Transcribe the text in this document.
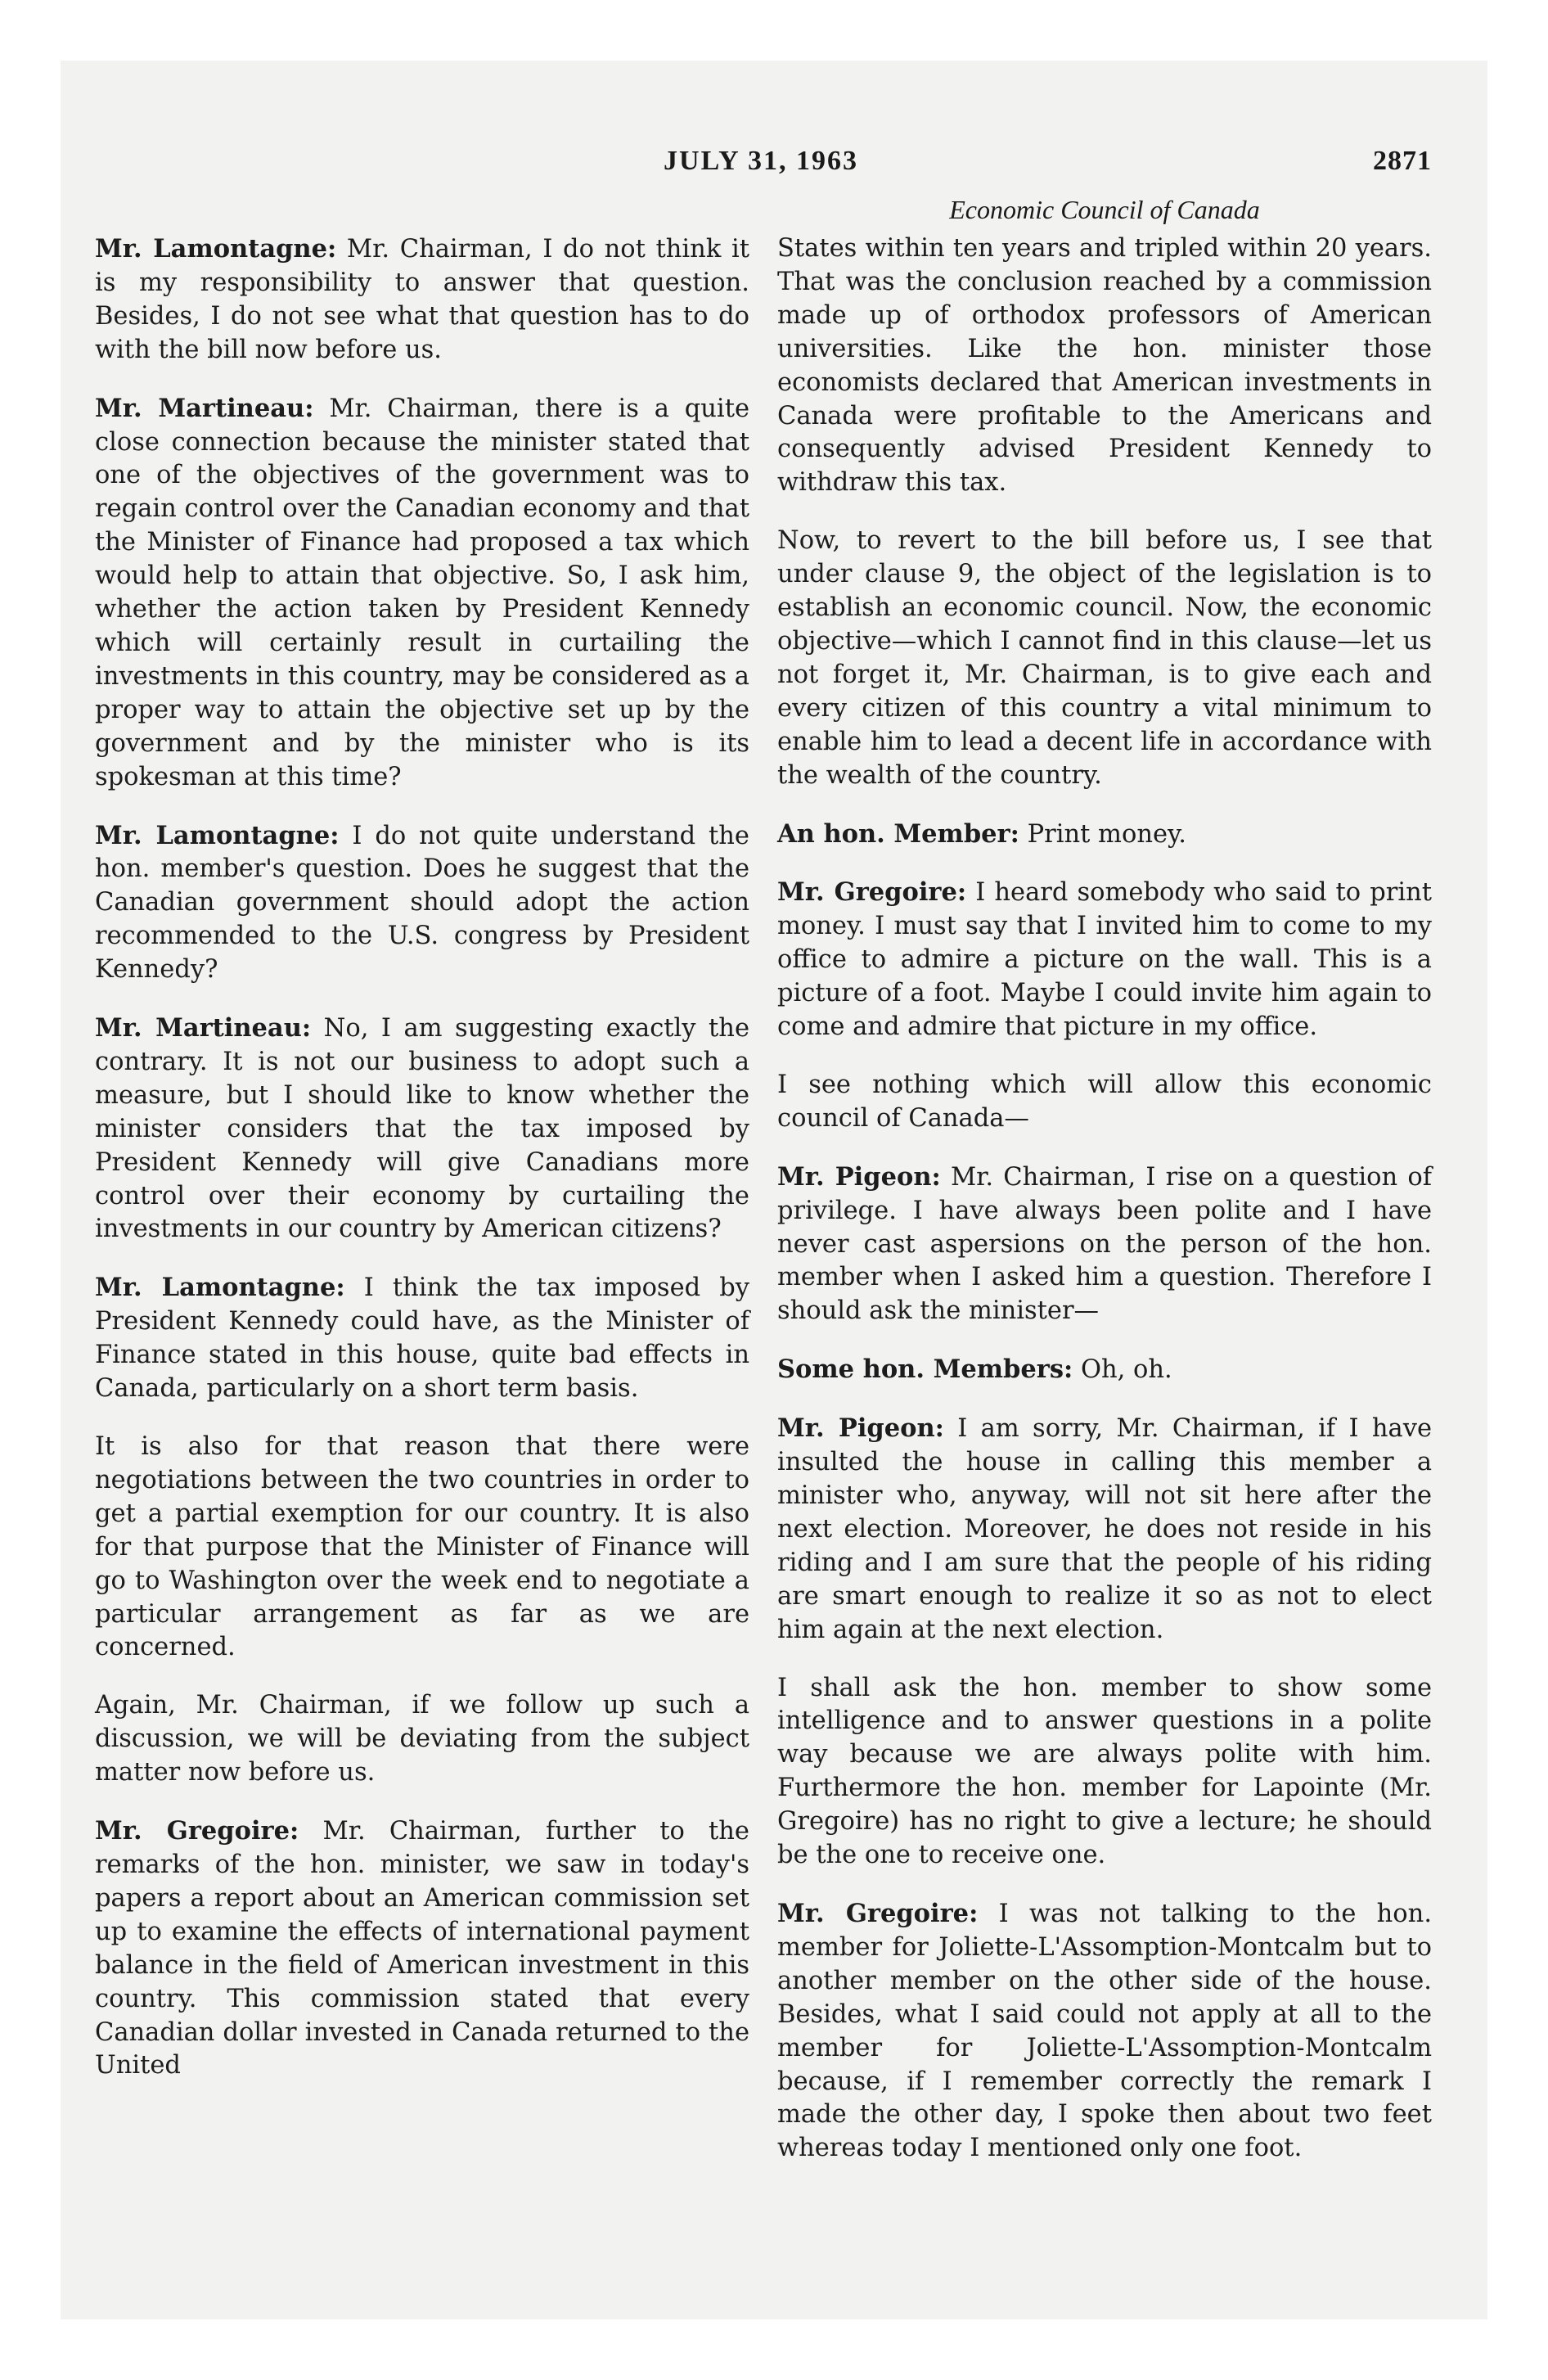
JULY 31, 1963	2871
Economic Council of Canada

Mr. Lamontagne: Mr. Chairman, I do not think it is my responsibility to answer that question. Besides, I do not see what that question has to do with the bill now before us.

Mr. Martineau: Mr. Chairman, there is a quite close connection because the minister stated that one of the objectives of the government was to regain control over the Canadian economy and that the Minister of Finance had proposed a tax which would help to attain that objective. So, I ask him, whether the action taken by President Kennedy which will certainly result in curtailing the investments in this country, may be considered as a proper way to attain the objective set up by the government and by the minister who is its spokesman at this time?

Mr. Lamontagne: I do not quite understand the hon. member's question. Does he suggest that the Canadian government should adopt the action recommended to the U.S. congress by President Kennedy?

Mr. Martineau: No, I am suggesting exactly the contrary. It is not our business to adopt such a measure, but I should like to know whether the minister considers that the tax imposed by President Kennedy will give Canadians more control over their economy by curtailing the investments in our country by American citizens?

Mr. Lamontagne: I think the tax imposed by President Kennedy could have, as the Minister of Finance stated in this house, quite bad effects in Canada, particularly on a short term basis.

It is also for that reason that there were negotiations between the two countries in order to get a partial exemption for our country. It is also for that purpose that the Minister of Finance will go to Washington over the week end to negotiate a particular arrangement as far as we are concerned.

Again, Mr. Chairman, if we follow up such a discussion, we will be deviating from the subject matter now before us.

Mr. Gregoire: Mr. Chairman, further to the remarks of the hon. minister, we saw in today's papers a report about an American commission set up to examine the effects of international payment balance in the field of American investment in this country. This commission stated that every Canadian dollar invested in Canada returned to the United

States within ten years and tripled within 20 years. That was the conclusion reached by a commission made up of orthodox professors of American universities. Like the hon. minister those economists declared that American investments in Canada were profitable to the Americans and consequently advised President Kennedy to withdraw this tax.

Now, to revert to the bill before us, I see that under clause 9, the object of the legislation is to establish an economic council. Now, the economic objective—which I cannot find in this clause—let us not forget it, Mr. Chairman, is to give each and every citizen of this country a vital minimum to enable him to lead a decent life in accordance with the wealth of the country.

An hon. Member: Print money.

Mr. Gregoire: I heard somebody who said to print money. I must say that I invited him to come to my office to admire a picture on the wall. This is a picture of a foot. Maybe I could invite him again to come and admire that picture in my office.

I see nothing which will allow this economic council of Canada—

Mr. Pigeon: Mr. Chairman, I rise on a question of privilege. I have always been polite and I have never cast aspersions on the person of the hon. member when I asked him a question. Therefore I should ask the minister—

Some hon. Members: Oh, oh.

Mr. Pigeon: I am sorry, Mr. Chairman, if I have insulted the house in calling this member a minister who, anyway, will not sit here after the next election. Moreover, he does not reside in his riding and I am sure that the people of his riding are smart enough to realize it so as not to elect him again at the next election.

I shall ask the hon. member to show some intelligence and to answer questions in a polite way because we are always polite with him. Furthermore the hon. member for Lapointe (Mr. Gregoire) has no right to give a lecture; he should be the one to receive one.

Mr. Gregoire: I was not talking to the hon. member for Joliette-L'Assomption-Montcalm but to another member on the other side of the house. Besides, what I said could not apply at all to the member for Joliette-L'Assomption-Montcalm because, if I remember correctly the remark I made the other day, I spoke then about two feet whereas today I mentioned only one foot.
